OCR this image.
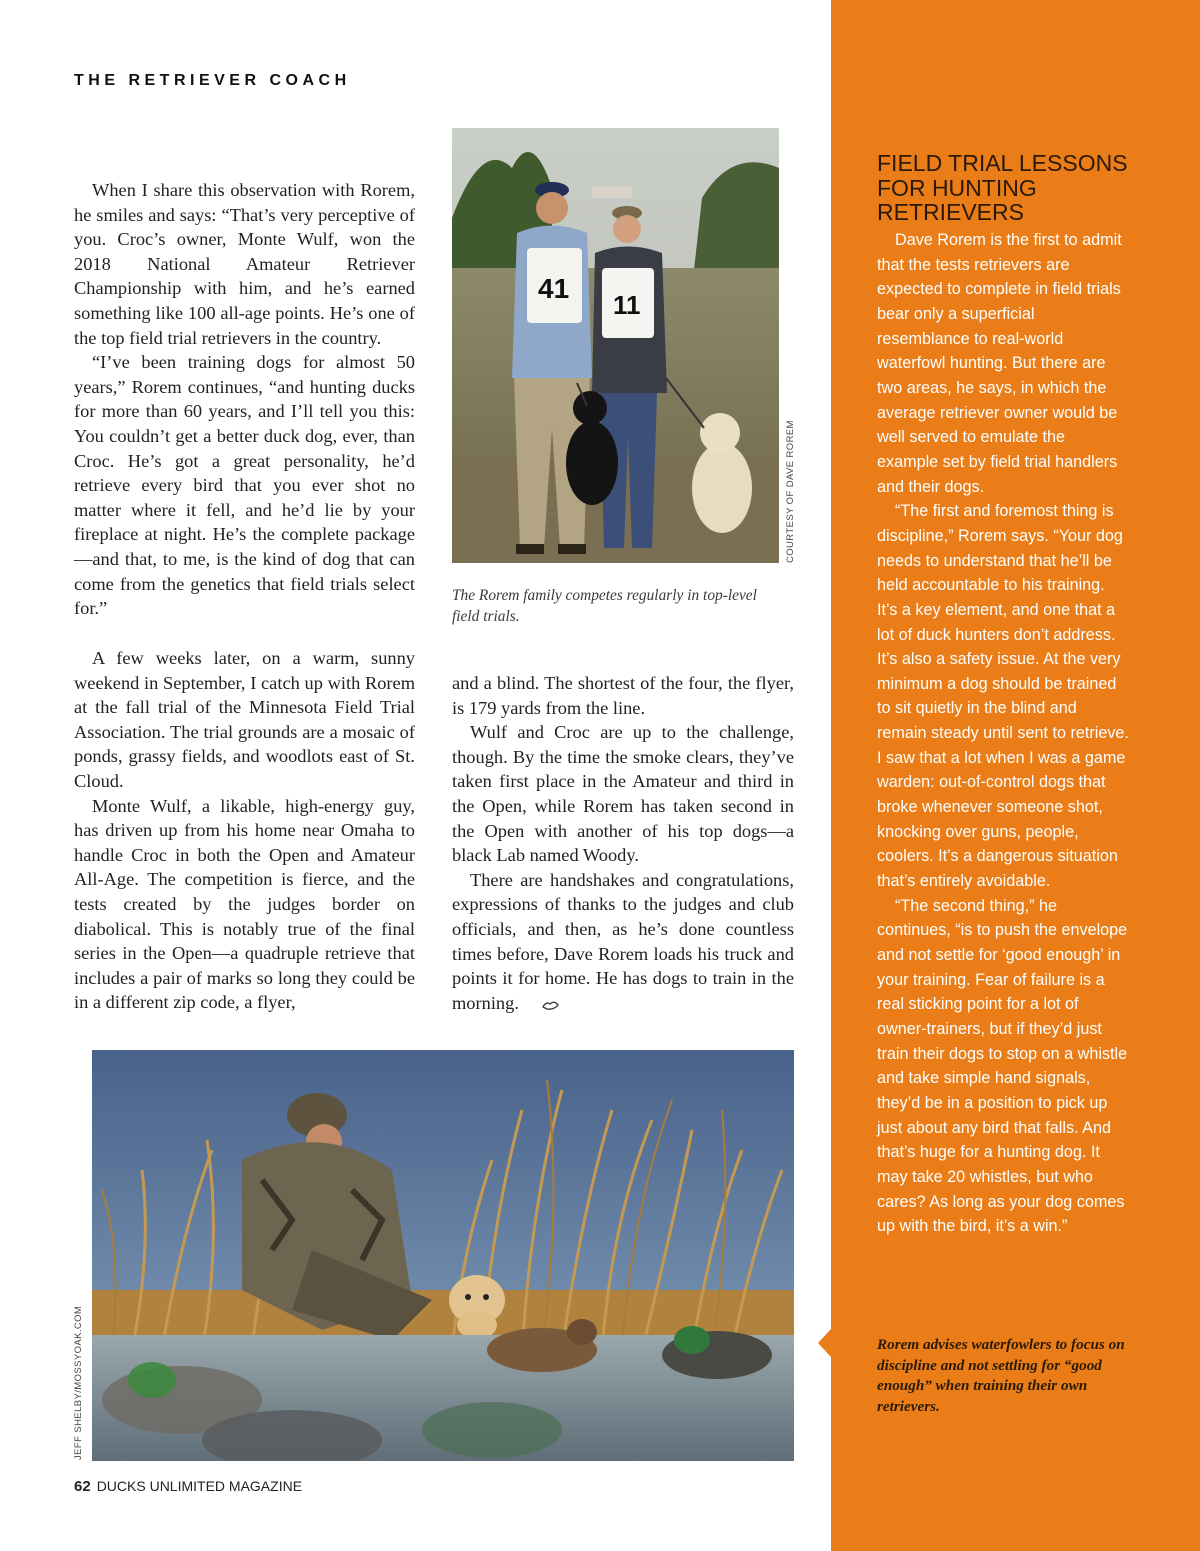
THE RETRIEVER COACH

When I share this observation with Rorem, he smiles and says: “That’s very perceptive of you. Croc’s owner, Monte Wulf, won the 2018 National Amateur Retriever Championship with him, and he’s earned something like 100 all-age points. He’s one of the top field trial retrievers in the country.

“I’ve been training dogs for almost 50 years,” Rorem continues, “and hunting ducks for more than 60 years, and I’ll tell you this: You couldn’t get a better duck dog, ever, than Croc. He’s got a great personality, he’d retrieve every bird that you ever shot no matter where it fell, and he’d lie by your fireplace at night. He’s the complete package—and that, to me, is the kind of dog that can come from the genetics that field trials select for.”

41
11
COURTESY OF DAVE ROREM
The Rorem family competes regularly in top-level field trials.

A few weeks later, on a warm, sunny weekend in September, I catch up with Rorem at the fall trial of the Minnesota Field Trial Association. The trial grounds are a mosaic of ponds, grassy fields, and woodlots east of St. Cloud.

Monte Wulf, a likable, high-energy guy, has driven up from his home near Omaha to handle Croc in both the Open and Amateur All-Age. The competition is fierce, and the tests created by the judges border on diabolical. This is notably true of the final series in the Open—a quadruple retrieve that includes a pair of marks so long they could be in a different zip code, a flyer,

and a blind. The shortest of the four, the flyer, is 179 yards from the line.

Wulf and Croc are up to the challenge, though. By the time the smoke clears, they’ve taken first place in the Amateur and third in the Open, while Rorem has taken second in the Open with another of his top dogs—a black Lab named Woody.

There are handshakes and congratulations, expressions of thanks to the judges and club officials, and then, as he’s done countless times before, Dave Rorem loads his truck and points it for home. He has dogs to train in the morning.

JEFF SHELBY/MOSSYOAK.COM
FIELD TRIAL LESSONS FOR HUNTING RETRIEVERS

Dave Rorem is the first to admit that the tests retrievers are expected to complete in field trials bear only a superficial resemblance to real-world waterfowl hunting. But there are two areas, he says, in which the average retriever owner would be well served to emulate the example set by field trial handlers and their dogs.

“The first and foremost thing is discipline,” Rorem says. “Your dog needs to understand that he’ll be held accountable to his training. It’s a key element, and one that a lot of duck hunters don’t address. It’s also a safety issue. At the very minimum a dog should be trained to sit quietly in the blind and remain steady until sent to retrieve. I saw that a lot when I was a game warden: out-of-control dogs that broke whenever someone shot, knocking over guns, people, coolers. It’s a dangerous situation that’s entirely avoidable.

“The second thing,” he continues, “is to push the envelope and not settle for ‘good enough’ in your training. Fear of failure is a real sticking point for a lot of owner-trainers, but if they’d just train their dogs to stop on a whistle and take simple hand signals, they’d be in a position to pick up just about any bird that falls. And that’s huge for a hunting dog. It may take 20 whistles, but who cares? As long as your dog comes up with the bird, it’s a win.”

Rorem advises waterfowlers to focus on discipline and not settling for “good enough” when training their own retrievers.
62 DUCKS UNLIMITED MAGAZINE
